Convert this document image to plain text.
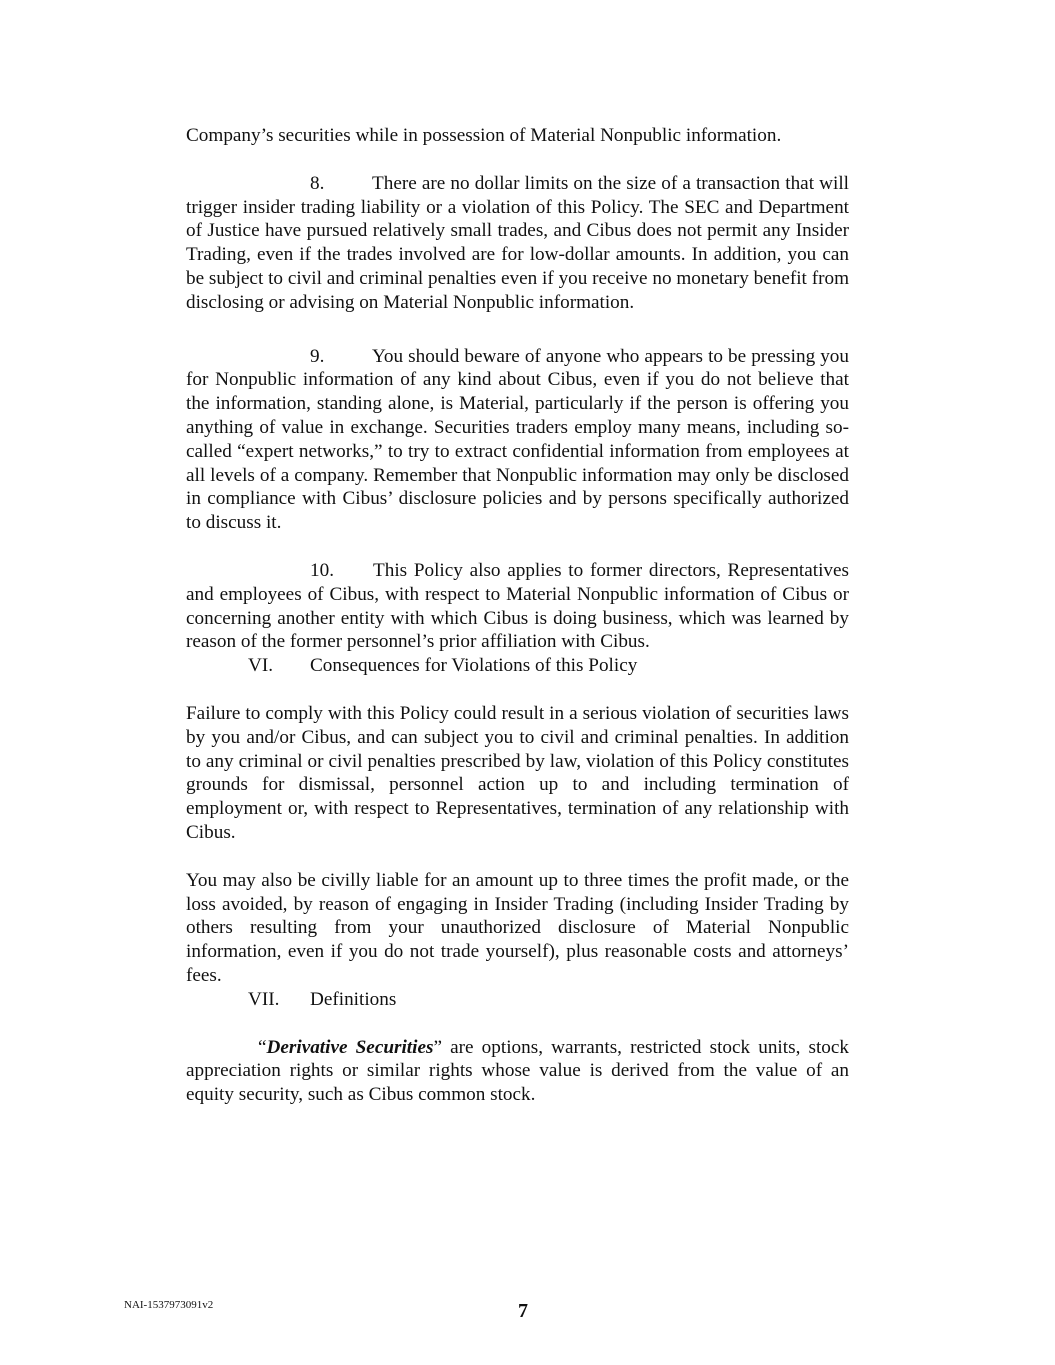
Company’s securities while in possession of Material Nonpublic information.

8. There are no dollar limits on the size of a transaction that will trigger insider trading liability or a violation of this Policy. The SEC and Department of Justice have pursued relatively small trades, and Cibus does not permit any Insider Trading, even if the trades involved are for low-dollar amounts. In addition, you can be subject to civil and criminal penalties even if you receive no monetary benefit from disclosing or advising on Material Nonpublic information.

9. You should beware of anyone who appears to be pressing you for Nonpublic information of any kind about Cibus, even if you do not believe that the information, standing alone, is Material, particularly if the person is offering you anything of value in exchange. Securities traders employ many means, including so-called “expert networks,” to try to extract confidential information from employees at all levels of a company. Remember that Nonpublic information may only be disclosed in compliance with Cibus’ disclosure policies and by persons specifically authorized to discuss it.

10. This Policy also applies to former directors, Representatives and employees of Cibus, with respect to Material Nonpublic information of Cibus or concerning another entity with which Cibus is doing business, which was learned by reason of the former personnel’s prior affiliation with Cibus.

VI. Consequences for Violations of this Policy

Failure to comply with this Policy could result in a serious violation of securities laws by you and/or Cibus, and can subject you to civil and criminal penalties. In addition to any criminal or civil penalties prescribed by law, violation of this Policy constitutes grounds for dismissal, personnel action up to and including termination of employment or, with respect to Representatives, termination of any relationship with Cibus.

You may also be civilly liable for an amount up to three times the profit made, or the loss avoided, by reason of engaging in Insider Trading (including Insider Trading by others resulting from your unauthorized disclosure of Material Nonpublic information, even if you do not trade yourself), plus reasonable costs and attorneys’ fees.

VII. Definitions

“Derivative Securities” are options, warrants, restricted stock units, stock appreciation rights or similar rights whose value is derived from the value of an equity security, such as Cibus common stock.

NAI-1537973091v2	7
